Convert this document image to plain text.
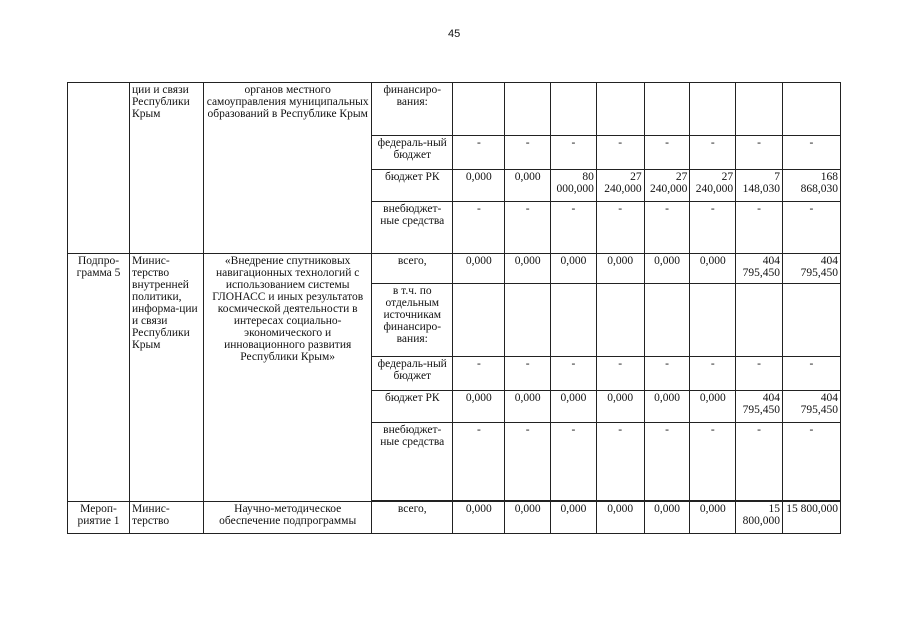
45
	ции и связи Республики Крым	органов местного самоуправления муниципальных образований в Республике Крым	финансиро-вания:								
			федераль-ный бюджет	-	-	-	-	-	-	-	-
			бюджет РК	0,000	0,000	80 000,000	27 240,000	27 240,000	27 240,000	7 148,030	168 868,030
			внебюджет-ные средства	-	-	-	-	-	-	-	-
Подпро-грамма 5	Минис-терство внутренней политики, информа-ции и связи Республики Крым	«Внедрение спутниковых навигационных технологий с использованием системы ГЛОНАСС и иных результатов космической деятельности в интересах социально-экономического и инновационного развития Республики Крым»	всего,	0,000	0,000	0,000	0,000	0,000	0,000	404 795,450	404 795,450
			в т.ч. по отдельным источникам финансиро-вания:								
			федераль-ный бюджет	-	-	-	-	-	-	-	-
			бюджет РК	0,000	0,000	0,000	0,000	0,000	0,000	404 795,450	404 795,450
			внебюджет-ные средства	-	-	-	-	-	-	-	-

Мероп-риятие 1	Минис-терство	Научно-методическое обеспечение подпрограммы	всего,	0,000	0,000	0,000	0,000	0,000	0,000	15 800,000	15 800,000
